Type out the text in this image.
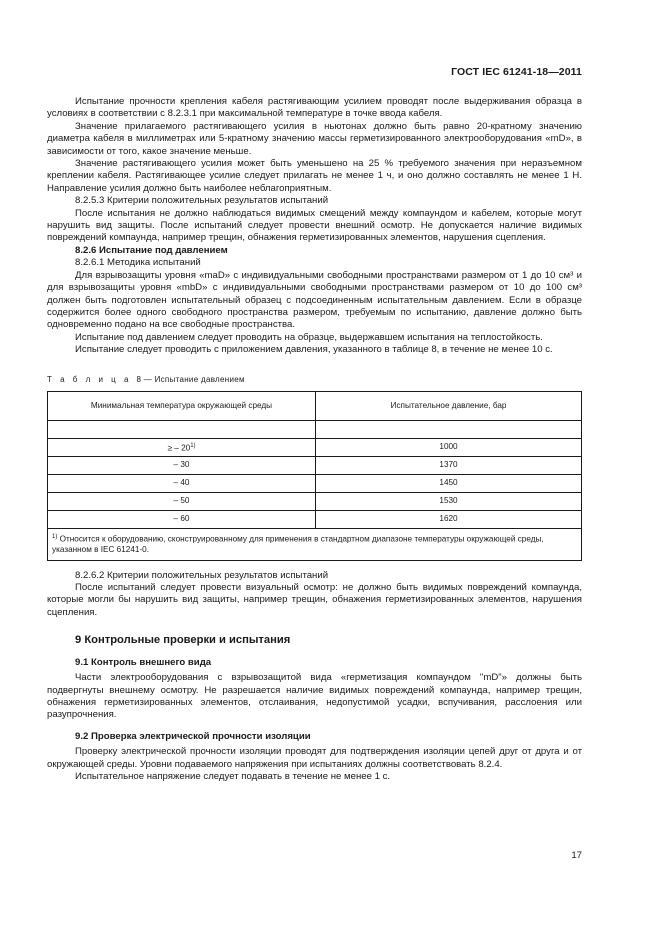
ГОСТ IEC 61241-18—2011

Испытание прочности крепления кабеля растягивающим усилием проводят после выдерживания образца в условиях в соответствии с 8.2.3.1 при максимальной температуре в точке ввода кабеля.

Значение прилагаемого растягивающего усилия в ньютонах должно быть равно 20-кратному значению диаметра кабеля в миллиметрах или 5-кратному значению массы герметизированного электрооборудования «mD», в зависимости от того, какое значение меньше.

Значение растягивающего усилия может быть уменьшено на 25 % требуемого значения при неразъемном креплении кабеля. Растягивающее усилие следует прилагать не менее 1 ч, и оно должно составлять не менее 1 Н. Направление усилия должно быть наиболее неблагоприятным.

8.2.5.3 Критерии положительных результатов испытаний

После испытания не должно наблюдаться видимых смещений между компаундом и кабелем, которые могут нарушить вид защиты. После испытаний следует провести внешний осмотр. Не допускается наличие видимых повреждений компаунда, например трещин, обнажения герметизированных элементов, нарушения сцепления.

8.2.6 Испытание под давлением

8.2.6.1 Методика испытаний

Для взрывозащиты уровня «maD» с индивидуальными свободными пространствами размером от 1 до 10 см³ и для взрывозащиты уровня «mbD» с индивидуальными свободными пространствами размером от 10 до 100 см³ должен быть подготовлен испытательный образец с подсоединенным испытательным давлением. Если в образце содержится более одного свободного пространства размером, требуемым по испытанию, давление должно быть одновременно подано на все свободные пространства.

Испытание под давлением следует проводить на образце, выдержавшем испытания на теплостойкость.

Испытание следует проводить с приложением давления, указанного в таблице 8, в течение не менее 10 с.

Т а б л и ц а 8 — Испытание давлением
Минимальная температура окружающей среды	Испытательное давление, бар

≥ – 20$^{1)}$	1000
– 30	1370
– 40	1450
– 50	1530
– 60	1620
$^{1)}$ Относится к оборудованию, сконструированному для применения в стандартном диапазоне температуры окружающей среды, указанном в IEC 61241-0.	

8.2.6.2 Критерии положительных результатов испытаний

После испытаний следует провести визуальный осмотр: не должно быть видимых повреждений компаунда, которые могли бы нарушить вид защиты, например трещин, обнажения герметизированных элементов, нарушения сцепления.

9 Контрольные проверки и испытания
9.1 Контроль внешнего вида

Части электрооборудования с взрывозащитой вида «герметизация компаундом "mD"» должны быть подвергнуты внешнему осмотру. Не разрешается наличие видимых повреждений компаунда, например трещин, обнажения герметизированных элементов, отслаивания, недопустимой усадки, вспучивания, расслоения или разупрочнения.

9.2 Проверка электрической прочности изоляции

Проверку электрической прочности изоляции проводят для подтверждения изоляции цепей друг от друга и от окружающей среды. Уровни подаваемого напряжения при испытаниях должны соответствовать 8.2.4.

Испытательное напряжение следует подавать в течение не менее 1 с.

17
